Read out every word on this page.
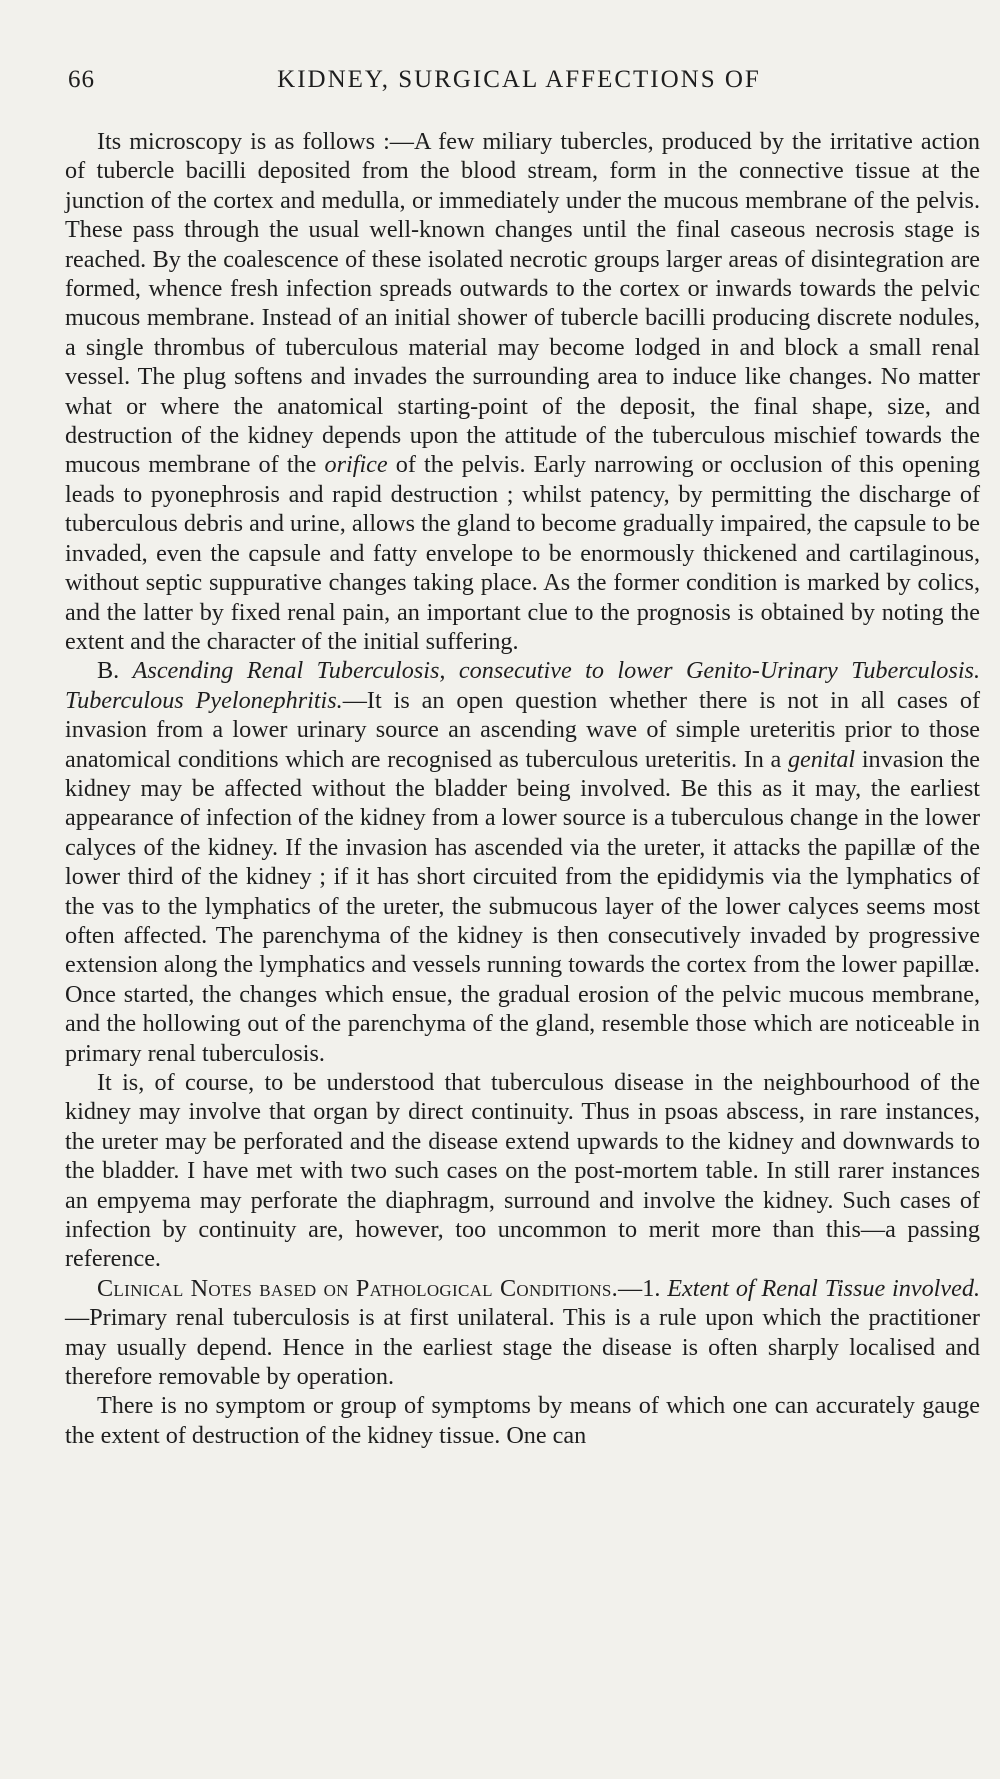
66	KIDNEY, SURGICAL AFFECTIONS OF

Its microscopy is as follows :—A few miliary tubercles, produced by the irritative action of tubercle bacilli deposited from the blood stream, form in the connective tissue at the junction of the cortex and medulla, or immediately under the mucous membrane of the pelvis. These pass through the usual well-known changes until the final caseous necrosis stage is reached. By the coalescence of these isolated necrotic groups larger areas of disintegration are formed, whence fresh infection spreads outwards to the cortex or inwards towards the pelvic mucous membrane. Instead of an initial shower of tubercle bacilli producing discrete nodules, a single thrombus of tuberculous material may become lodged in and block a small renal vessel. The plug softens and invades the surrounding area to induce like changes. No matter what or where the anatomical starting-point of the deposit, the final shape, size, and destruction of the kidney depends upon the attitude of the tuberculous mischief towards the mucous membrane of the orifice of the pelvis. Early narrowing or occlusion of this opening leads to pyonephrosis and rapid destruction ; whilst patency, by permitting the discharge of tuberculous debris and urine, allows the gland to become gradually impaired, the capsule to be invaded, even the capsule and fatty envelope to be enormously thickened and cartilaginous, without septic suppurative changes taking place. As the former condition is marked by colics, and the latter by fixed renal pain, an important clue to the prognosis is obtained by noting the extent and the character of the initial suffering.

B. Ascending Renal Tuberculosis, consecutive to lower Genito-Urinary Tuberculosis. Tuberculous Pyelonephritis.—It is an open question whether there is not in all cases of invasion from a lower urinary source an ascending wave of simple ureteritis prior to those anatomical conditions which are recognised as tuberculous ureteritis. In a genital invasion the kidney may be affected without the bladder being involved. Be this as it may, the earliest appearance of infection of the kidney from a lower source is a tuberculous change in the lower calyces of the kidney. If the invasion has ascended via the ureter, it attacks the papillæ of the lower third of the kidney ; if it has short circuited from the epididymis via the lymphatics of the vas to the lymphatics of the ureter, the submucous layer of the lower calyces seems most often affected. The parenchyma of the kidney is then consecutively invaded by progressive extension along the lymphatics and vessels running towards the cortex from the lower papillæ. Once started, the changes which ensue, the gradual erosion of the pelvic mucous membrane, and the hollowing out of the parenchyma of the gland, resemble those which are noticeable in primary renal tuberculosis.

It is, of course, to be understood that tuberculous disease in the neighbourhood of the kidney may involve that organ by direct continuity. Thus in psoas abscess, in rare instances, the ureter may be perforated and the disease extend upwards to the kidney and downwards to the bladder. I have met with two such cases on the post-mortem table. In still rarer instances an empyema may perforate the diaphragm, surround and involve the kidney. Such cases of infection by continuity are, however, too uncommon to merit more than this—a passing reference.

Clinical Notes based on Pathological Conditions.—1. Extent of Renal Tissue involved.—Primary renal tuberculosis is at first unilateral. This is a rule upon which the practitioner may usually depend. Hence in the earliest stage the disease is often sharply localised and therefore removable by operation.

There is no symptom or group of symptoms by means of which one can accurately gauge the extent of destruction of the kidney tissue. One can
